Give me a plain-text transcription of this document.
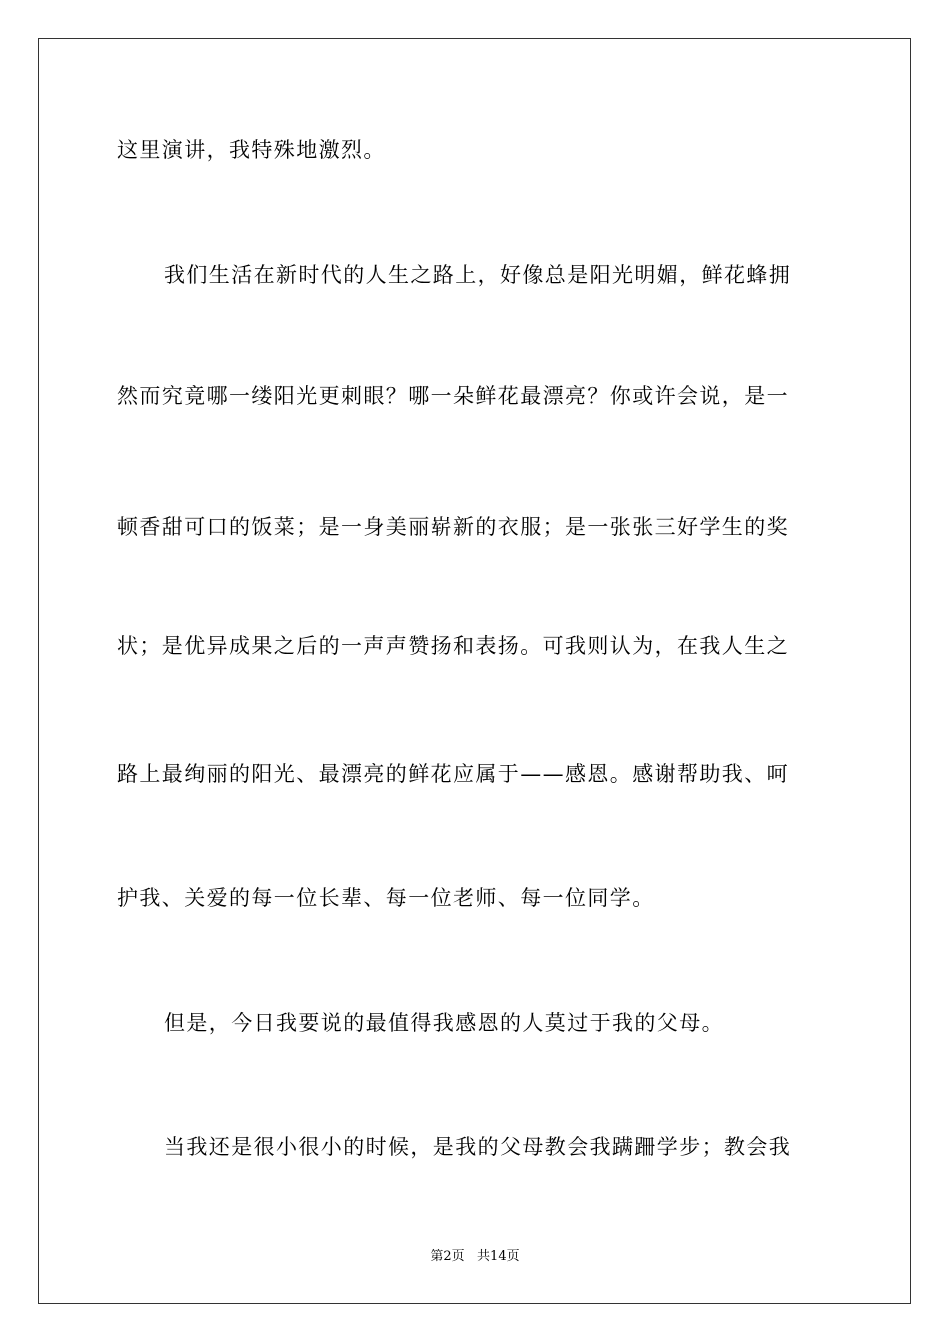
这里演讲，我特殊地激烈。
我们生活在新时代的人生之路上，好像总是阳光明媚，鲜花蜂拥
然而究竟哪一缕阳光更刺眼？哪一朵鲜花最漂亮？你或许会说，是一
顿香甜可口的饭菜；是一身美丽崭新的衣服；是一张张三好学生的奖
状；是优异成果之后的一声声赞扬和表扬。可我则认为，在我人生之
路上最绚丽的阳光、最漂亮的鲜花应属于——感恩。感谢帮助我、呵
护我、关爱的每一位长辈、每一位老师、每一位同学。
但是，今日我要说的最值得我感恩的人莫过于我的父母。
当我还是很小很小的时候，是我的父母教会我蹒跚学步；教会我
第2页   共14页
